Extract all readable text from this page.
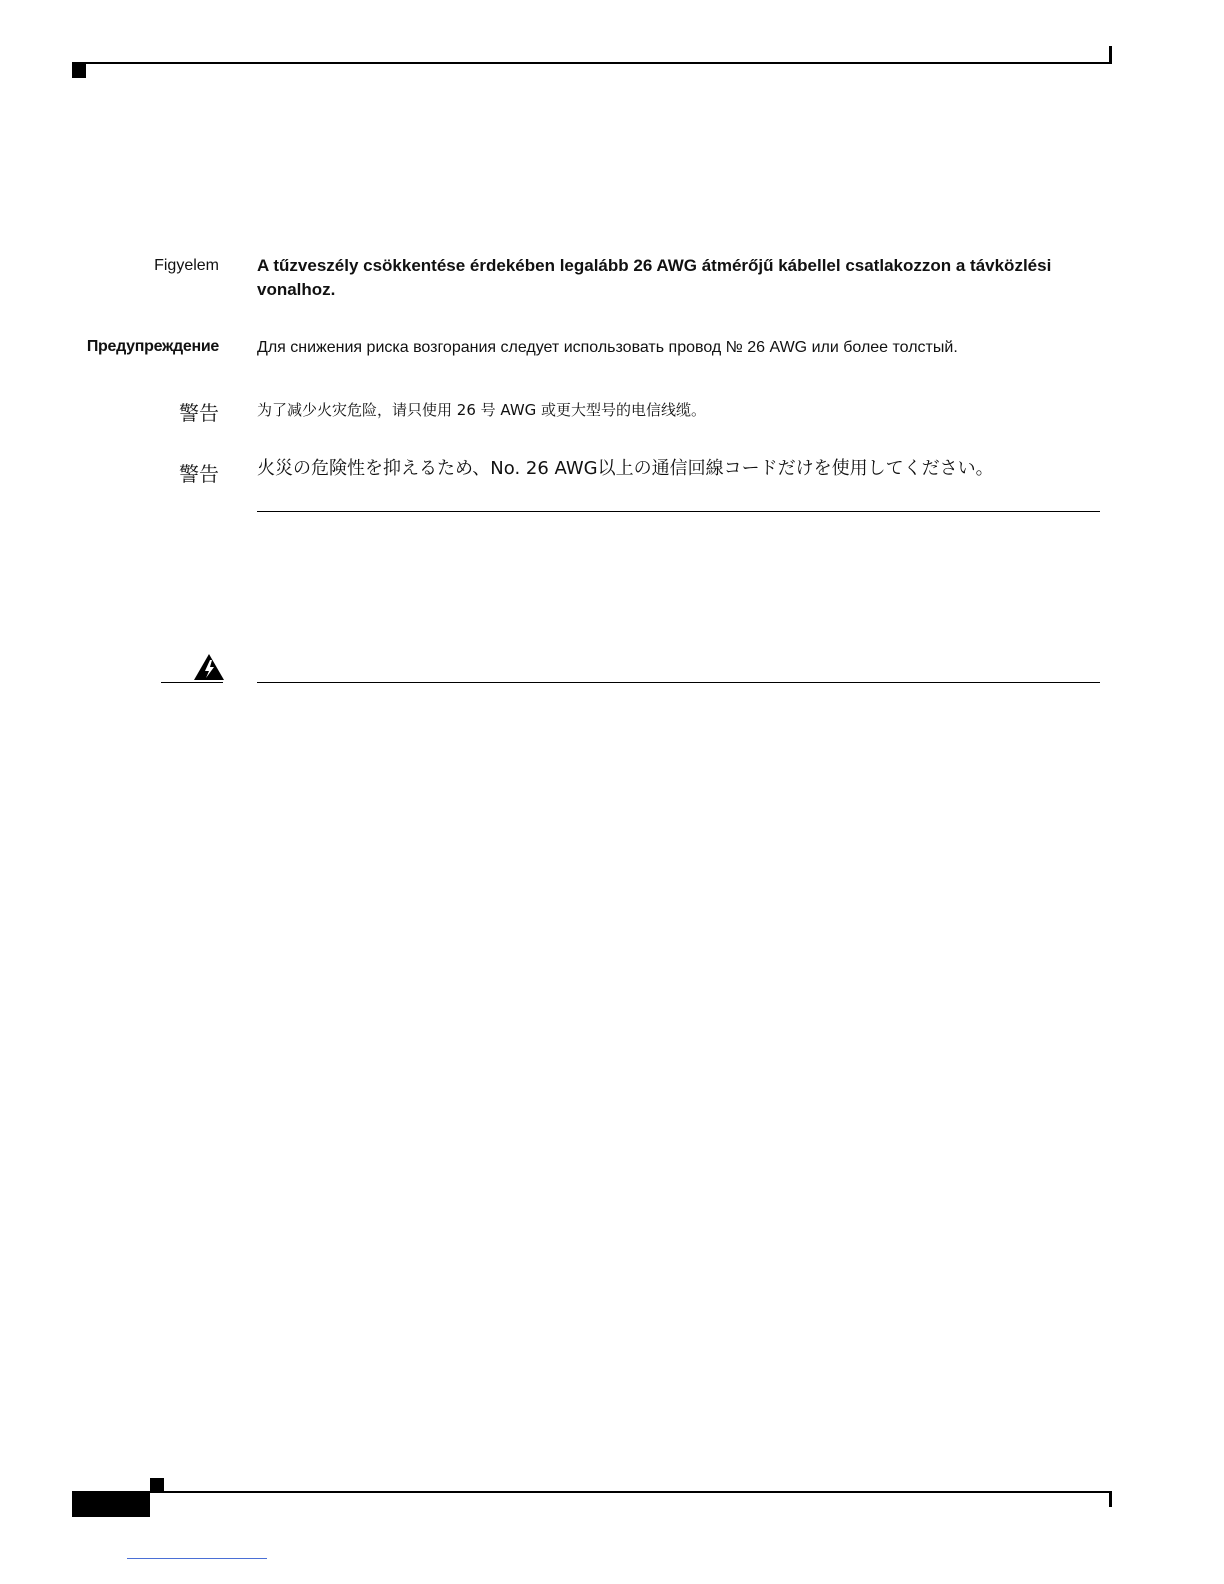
Figyelem A tűzveszély csökkentése érdekében legalább 26 AWG átmérőjű kábellel csatlakozzon a távközlési vonalhoz.
Предупреждение Для снижения риска возгорания следует использовать провод № 26 AWG или более толстый.
警告	为了减少火灾危险，请只使用 26 号 AWG 或更大型号的电信线缆。
警告 火災の危険性を抑えるため、No. 26 AWG以上の通信回線コードだけを使用してください。
